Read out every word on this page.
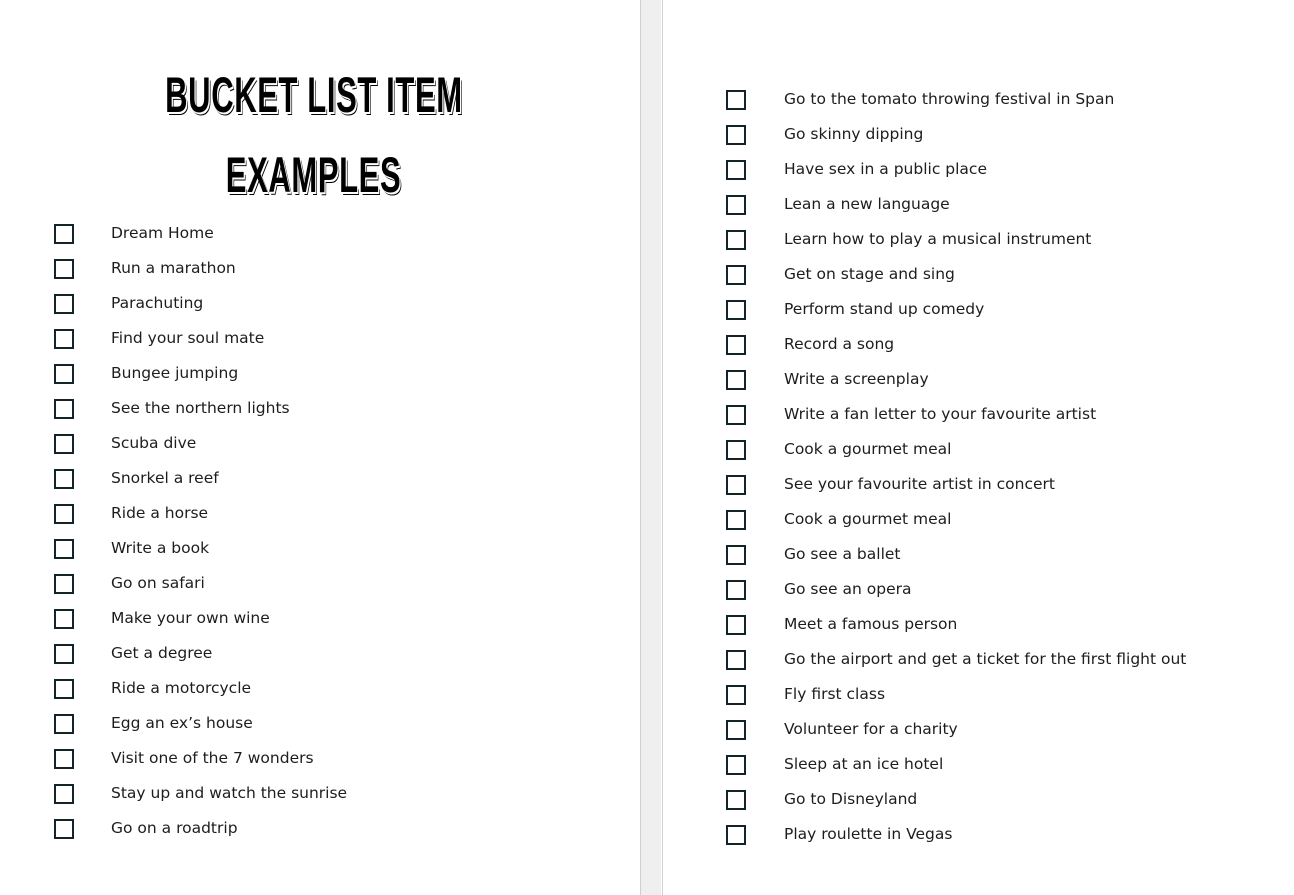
BUCKET LIST ITEM
EXAMPLES
Dream Home
Run a marathon
Parachuting
Find your soul mate
Bungee jumping
See the northern lights
Scuba dive
Snorkel a reef
Ride a horse
Write a book
Go on safari
Make your own wine
Get a degree
Ride a motorcycle
Egg an ex’s house
Visit one of the 7 wonders
Stay up and watch the sunrise
Go on a roadtrip
Go to the tomato throwing festival in Span
Go skinny dipping
Have sex in a public place
Lean a new language
Learn how to play a musical instrument
Get on stage and sing
Perform stand up comedy
Record a song
Write a screenplay
Write a fan letter to your favourite artist
Cook a gourmet meal
See your favourite artist in concert
Cook a gourmet meal
Go see a ballet
Go see an opera
Meet a famous person
Go the airport and get a ticket for the first flight out
Fly first class
Volunteer for a charity
Sleep at an ice hotel
Go to Disneyland
Play roulette in Vegas
